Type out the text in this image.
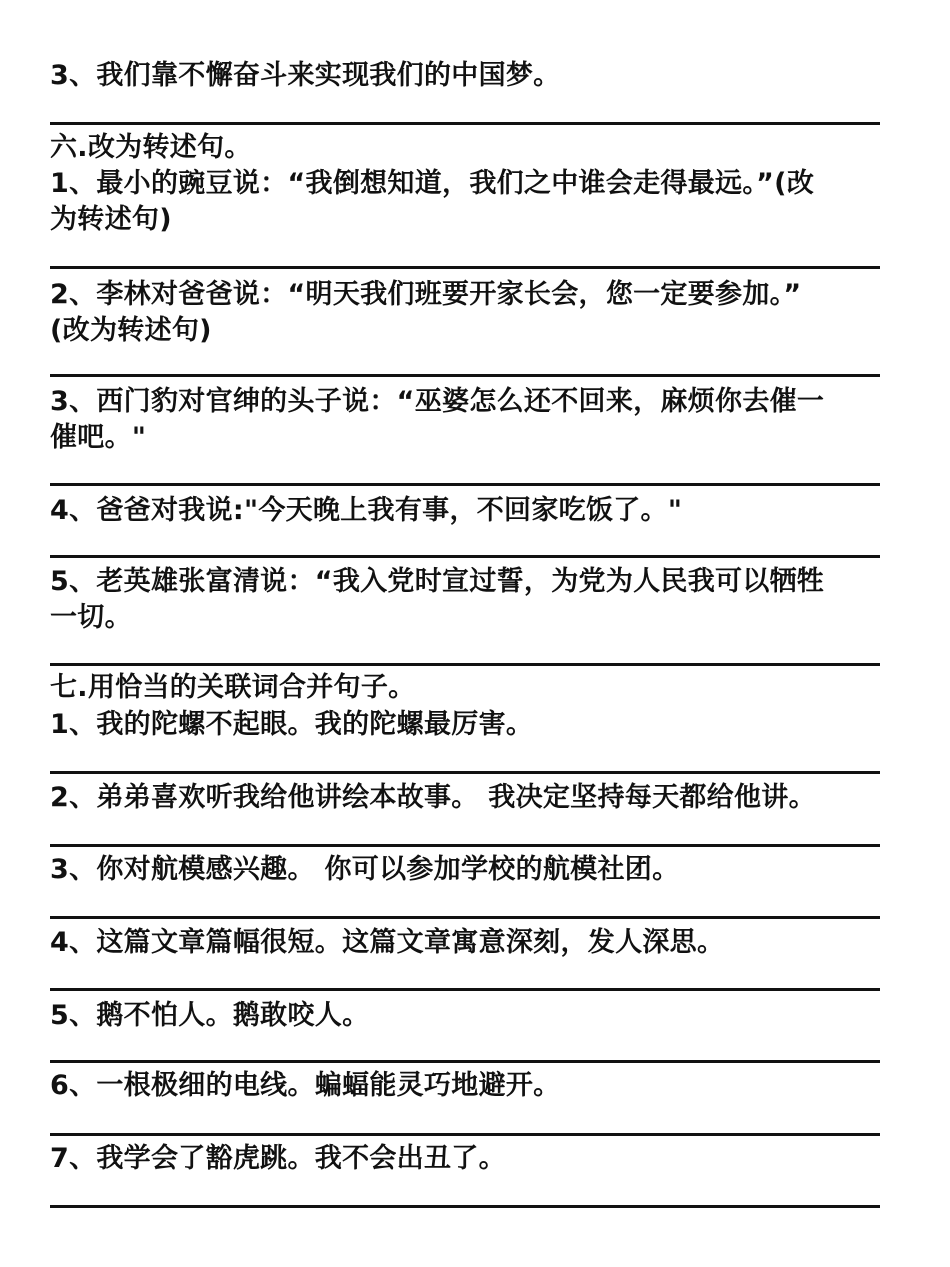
3、我们靠不懈奋斗来实现我们的中国梦。
六.改为转述句。
1、最小的豌豆说：“我倒想知道，我们之中谁会走得最远。”(改
为转述句)
2、李林对爸爸说：“明天我们班要开家长会，您一定要参加。”
(改为转述句)
3、西门豹对官绅的头子说：“巫婆怎么还不回来，麻烦你去催一
催吧。"
4、爸爸对我说:"今天晚上我有事，不回家吃饭了。"
5、老英雄张富清说：“我入党时宣过誓，为党为人民我可以牺牲
一切。
七.用恰当的关联词合并句子。
1、我的陀螺不起眼。我的陀螺最厉害。
2、弟弟喜欢听我给他讲绘本故事。 我决定坚持每天都给他讲。
3、你对航模感兴趣。 你可以参加学校的航模社团。
4、这篇文章篇幅很短。这篇文章寓意深刻，发人深思。
5、鹅不怕人。鹅敢咬人。
6、一根极细的电线。蝙蝠能灵巧地避开。
7、我学会了豁虎跳。我不会出丑了。
